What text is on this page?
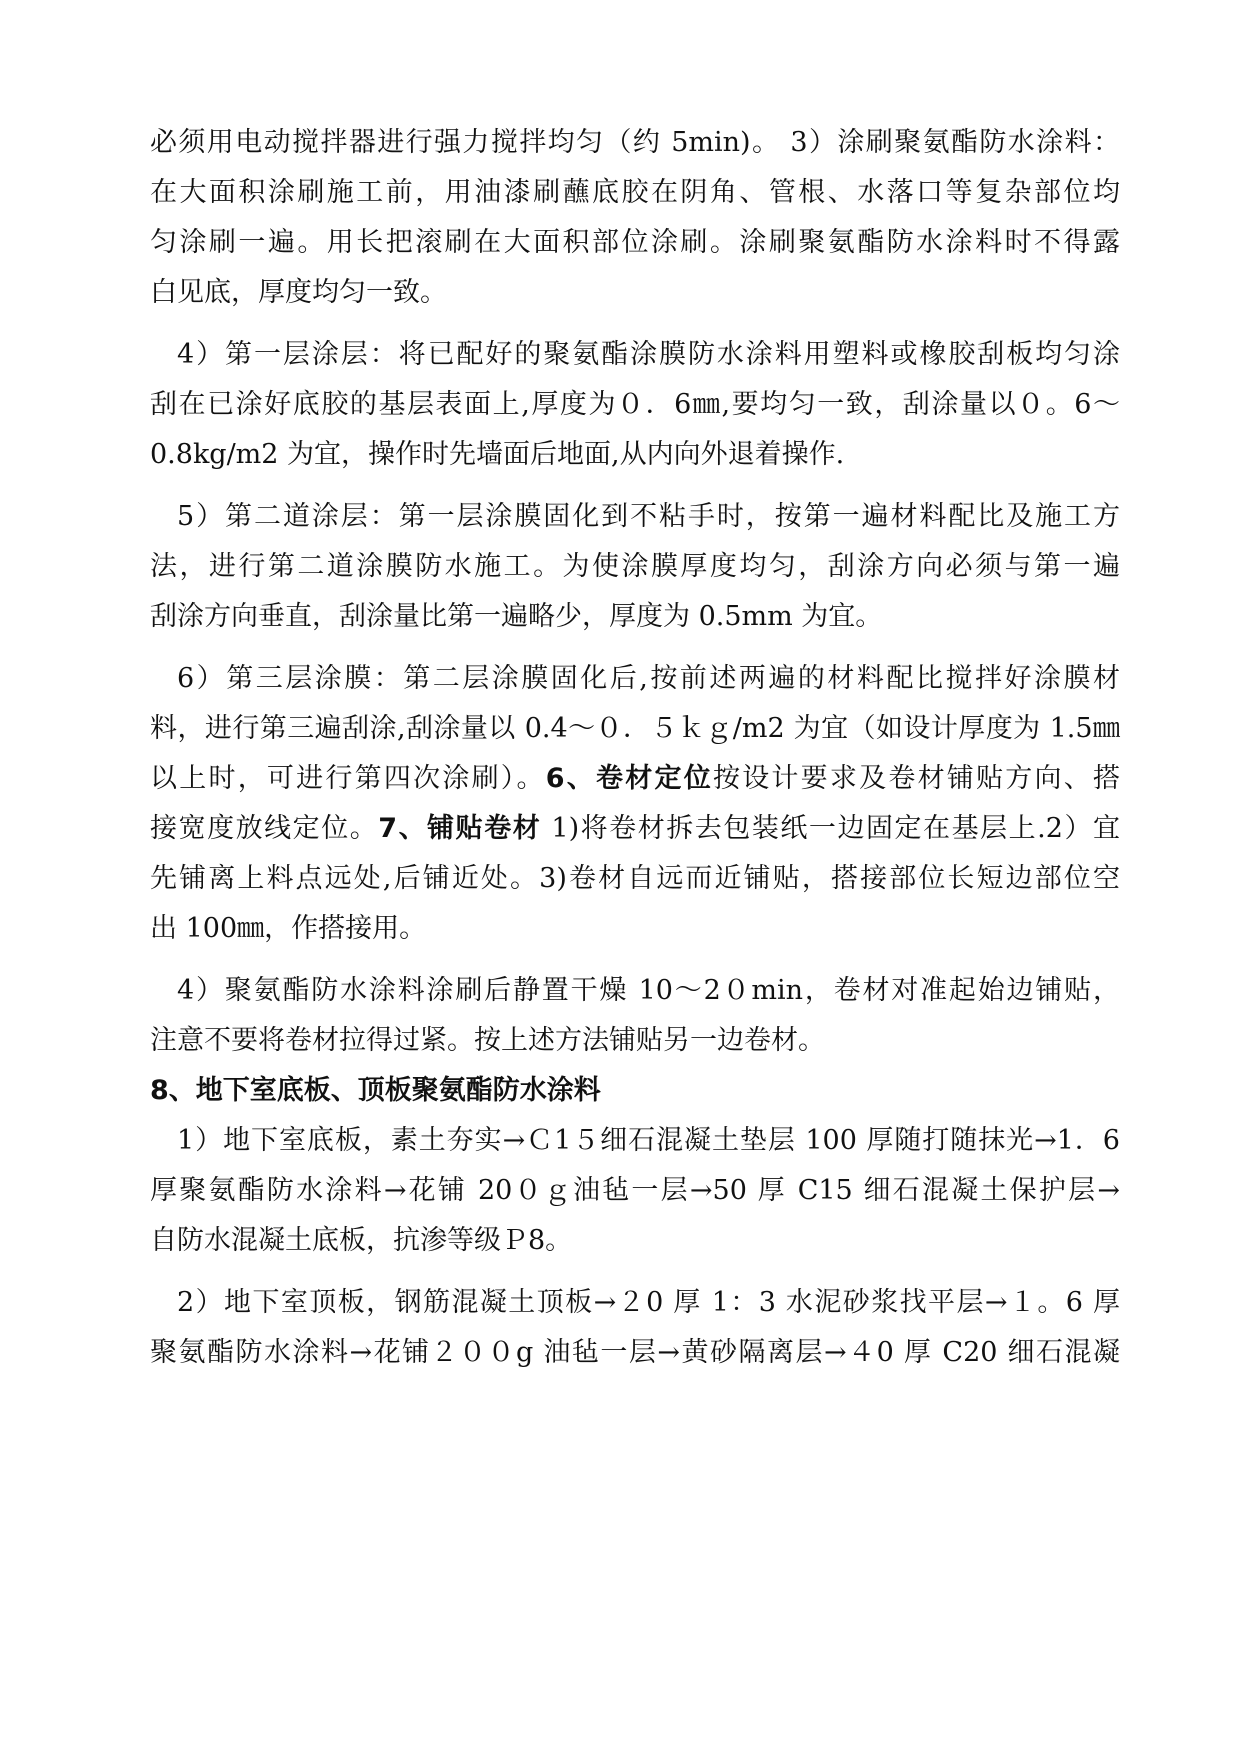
必须用电动搅拌器进行强力搅拌均匀（约 5min)。 3）涂刷聚氨酯防水涂料：
在大面积涂刷施工前，用油漆刷蘸底胶在阴角、管根、水落口等复杂部位均
匀涂刷一遍。用长把滚刷在大面积部位涂刷。涂刷聚氨酯防水涂料时不得露
白见底，厚度均匀一致。
4）第一层涂层：将已配好的聚氨酯涂膜防水涂料用塑料或橡胶刮板均匀涂
刮在已涂好底胶的基层表面上,厚度为０．6㎜,要均匀一致，刮涂量以０。6～
0.8kg/m2 为宜，操作时先墙面后地面,从内向外退着操作.
5）第二道涂层：第一层涂膜固化到不粘手时，按第一遍材料配比及施工方
法，进行第二道涂膜防水施工。为使涂膜厚度均匀，刮涂方向必须与第一遍
刮涂方向垂直，刮涂量比第一遍略少，厚度为 0.5mm 为宜。
6）第三层涂膜：第二层涂膜固化后,按前述两遍的材料配比搅拌好涂膜材
料，进行第三遍刮涂,刮涂量以 0.4～０．５ｋｇ/m2 为宜（如设计厚度为 1.5㎜
以上时，可进行第四次涂刷）。6、卷材定位按设计要求及卷材铺贴方向、搭
接宽度放线定位。7、铺贴卷材 1)将卷材拆去包装纸一边固定在基层上.2）宜
先铺离上料点远处,后铺近处。3)卷材自远而近铺贴，搭接部位长短边部位空
出 100㎜，作搭接用。
4）聚氨酯防水涂料涂刷后静置干燥 10～2０min，卷材对准起始边铺贴，
注意不要将卷材拉得过紧。按上述方法铺贴另一边卷材。
8、地下室底板、顶板聚氨酯防水涂料
1）地下室底板，素土夯实→Ｃ1５细石混凝土垫层 100 厚随打随抹光→1．6
厚聚氨酯防水涂料→花铺 20０ｇ油毡一层→50 厚 C15 细石混凝土保护层→
自防水混凝土底板，抗渗等级Ｐ8。
2）地下室顶板，钢筋混凝土顶板→２0 厚 1：3 水泥砂浆找平层→１。6 厚
聚氨酯防水涂料→花铺２００g 油毡一层→黄砂隔离层→４0 厚 C20 细石混凝
